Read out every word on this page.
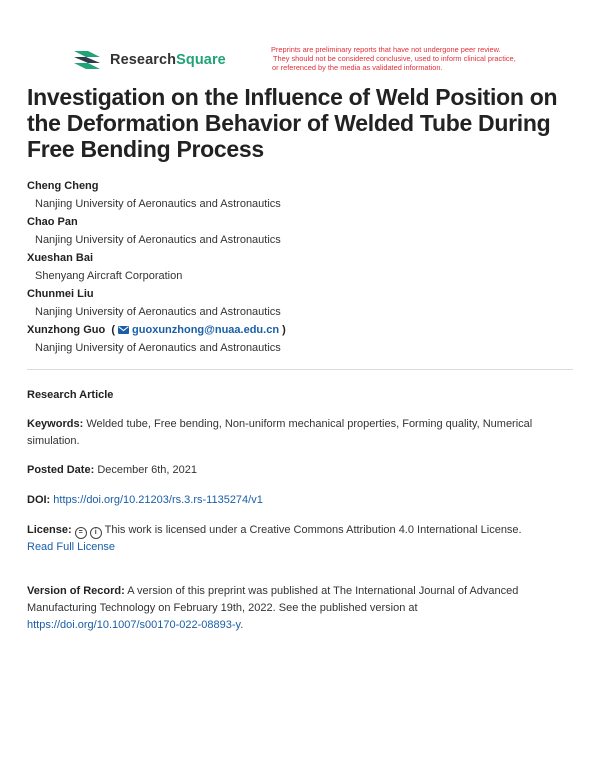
ResearchSquare
Preprints are preliminary reports that have not undergone peer review.
They should not be considered conclusive, used to inform clinical practice,
or referenced by the media as validated information.
Investigation on the Influence of Weld Position on the Deformation Behavior of Welded Tube During Free Bending Process
Cheng Cheng
Nanjing University of Aeronautics and Astronautics
Chao Pan
Nanjing University of Aeronautics and Astronautics
Xueshan Bai
Shenyang Aircraft Corporation
Chunmei Liu
Nanjing University of Aeronautics and Astronautics
Xunzhong Guo  ( guoxunzhong@nuaa.edu.cn )
Nanjing University of Aeronautics and Astronautics
Research Article
Keywords: Welded tube, Free bending, Non-uniform mechanical properties, Forming quality, Numerical simulation.
Posted Date: December 6th, 2021
DOI: https://doi.org/10.21203/rs.3.rs-1135274/v1
License: = i This work is licensed under a Creative Commons Attribution 4.0 International License.
Read Full License
Version of Record: A version of this preprint was published at The International Journal of Advanced Manufacturing Technology on February 19th, 2022. See the published version at
https://doi.org/10.1007/s00170-022-08893-y.
